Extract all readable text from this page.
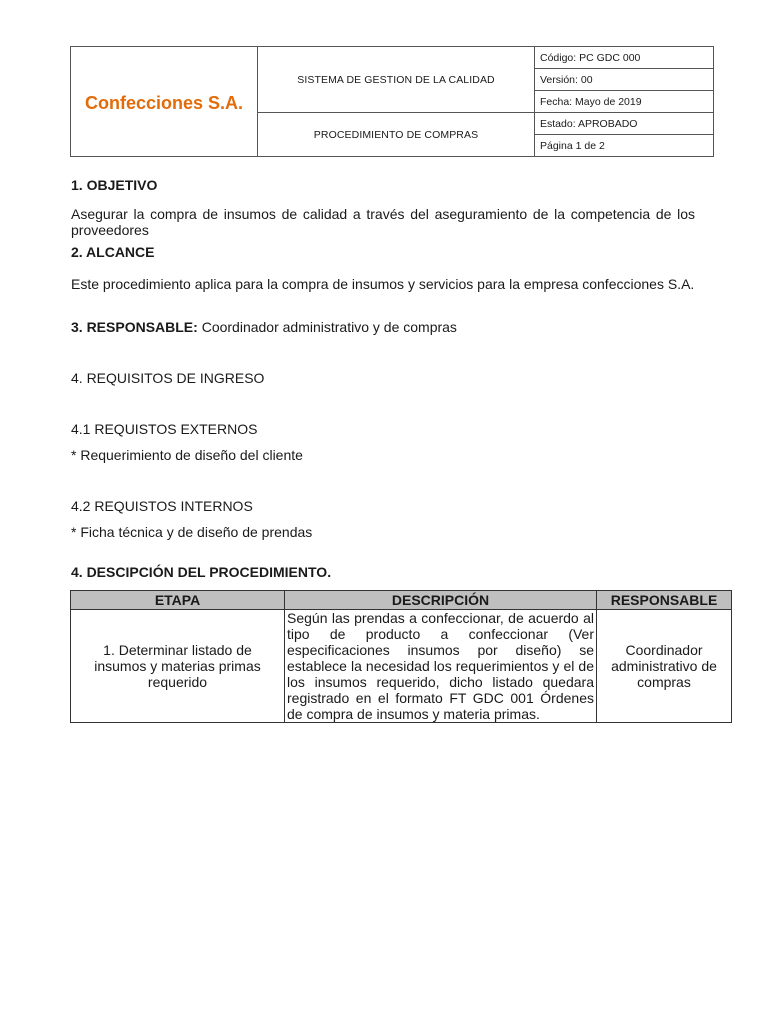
Confecciones S.A.	SISTEMA DE GESTION DE LA CALIDAD	Código: PC GDC 000
		Versión: 00
		Fecha: Mayo de 2019
	PROCEDIMIENTO DE COMPRAS	Estado: APROBADO
		Página 1 de 2
1. OBJETIVO
Asegurar la compra de insumos de calidad a través del aseguramiento de la competencia de los proveedores
2. ALCANCE
Este procedimiento aplica para la compra de insumos y servicios para la empresa confecciones S.A.
3. RESPONSABLE: Coordinador administrativo y de compras
4. REQUISITOS DE INGRESO
4.1 REQUISTOS EXTERNOS
* Requerimiento de diseño del cliente
4.2 REQUISTOS INTERNOS
* Ficha técnica y de diseño de prendas
4. DESCIPCIÓN DEL PROCEDIMIENTO.
ETAPA	DESCRIPCIÓN	RESPONSABLE
1. Determinar listado de insumos y materias primas requerido	Según las prendas a confeccionar, de acuerdo al tipo de producto a confeccionar (Ver especificaciones insumos por diseño) se establece la necesidad los requerimientos y el de los insumos requerido, dicho listado quedara registrado en el formato FT GDC 001 Órdenes de compra de insumos y materia primas.	Coordinador administrativo de compras
